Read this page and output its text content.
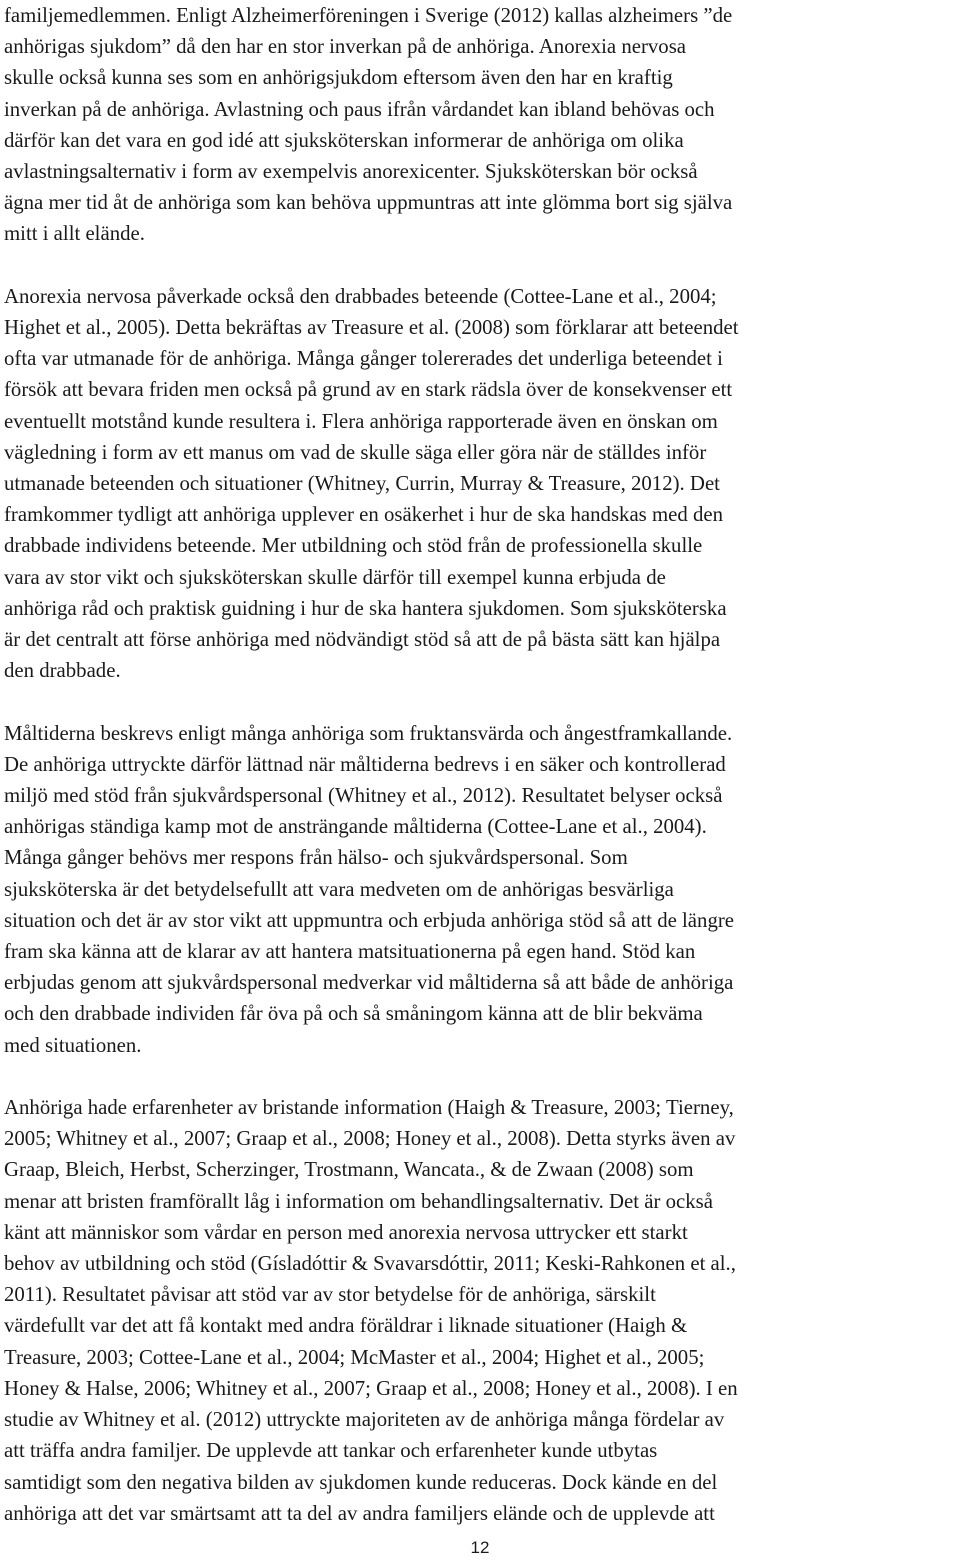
familjemedlemmen. Enligt Alzheimerföreningen i Sverige (2012) kallas alzheimers ”de
anhörigas sjukdom” då den har en stor inverkan på de anhöriga. Anorexia nervosa
skulle också kunna ses som en anhörigsjukdom eftersom även den har en kraftig
inverkan på de anhöriga. Avlastning och paus ifrån vårdandet kan ibland behövas och
därför kan det vara en god idé att sjuksköterskan informerar de anhöriga om olika
avlastningsalternativ i form av exempelvis anorexicenter. Sjuksköterskan bör också
ägna mer tid åt de anhöriga som kan behöva uppmuntras att inte glömma bort sig själva
mitt i allt elände.

Anorexia nervosa påverkade också den drabbades beteende (Cottee-Lane et al., 2004;
Highet et al., 2005). Detta bekräftas av Treasure et al. (2008) som förklarar att beteendet
ofta var utmanade för de anhöriga. Många gånger tolererades det underliga beteendet i
försök att bevara friden men också på grund av en stark rädsla över de konsekvenser ett
eventuellt motstånd kunde resultera i. Flera anhöriga rapporterade även en önskan om
vägledning i form av ett manus om vad de skulle säga eller göra när de ställdes inför
utmanade beteenden och situationer (Whitney, Currin, Murray & Treasure, 2012). Det
framkommer tydligt att anhöriga upplever en osäkerhet i hur de ska handskas med den
drabbade individens beteende. Mer utbildning och stöd från de professionella skulle
vara av stor vikt och sjuksköterskan skulle därför till exempel kunna erbjuda de
anhöriga råd och praktisk guidning i hur de ska hantera sjukdomen. Som sjuksköterska
är det centralt att förse anhöriga med nödvändigt stöd så att de på bästa sätt kan hjälpa
den drabbade.

Måltiderna beskrevs enligt många anhöriga som fruktansvärda och ångestframkallande.
De anhöriga uttryckte därför lättnad när måltiderna bedrevs i en säker och kontrollerad
miljö med stöd från sjukvårdspersonal (Whitney et al., 2012). Resultatet belyser också
anhörigas ständiga kamp mot de ansträngande måltiderna (Cottee-Lane et al., 2004).
Många gånger behövs mer respons från hälso- och sjukvårdspersonal. Som
sjuksköterska är det betydelsefullt att vara medveten om de anhörigas besvärliga
situation och det är av stor vikt att uppmuntra och erbjuda anhöriga stöd så att de längre
fram ska känna att de klarar av att hantera matsituationerna på egen hand. Stöd kan
erbjudas genom att sjukvårdspersonal medverkar vid måltiderna så att både de anhöriga
och den drabbade individen får öva på och så småningom känna att de blir bekväma
med situationen.

Anhöriga hade erfarenheter av bristande information (Haigh & Treasure, 2003; Tierney,
2005; Whitney et al., 2007; Graap et al., 2008; Honey et al., 2008). Detta styrks även av
Graap, Bleich, Herbst, Scherzinger, Trostmann, Wancata., & de Zwaan (2008) som
menar att bristen framförallt låg i information om behandlingsalternativ. Det är också
känt att människor som vårdar en person med anorexia nervosa uttrycker ett starkt
behov av utbildning och stöd (Gísladóttir & Svavarsdóttir, 2011; Keski-Rahkonen et al.,
2011). Resultatet påvisar att stöd var av stor betydelse för de anhöriga, särskilt
värdefullt var det att få kontakt med andra föräldrar i liknade situationer (Haigh &
Treasure, 2003; Cottee-Lane et al., 2004; McMaster et al., 2004; Highet et al., 2005;
Honey & Halse, 2006; Whitney et al., 2007; Graap et al., 2008; Honey et al., 2008). I en
studie av Whitney et al. (2012) uttryckte majoriteten av de anhöriga många fördelar av
att träffa andra familjer. De upplevde att tankar och erfarenheter kunde utbytas
samtidigt som den negativa bilden av sjukdomen kunde reduceras. Dock kände en del
anhöriga att det var smärtsamt att ta del av andra familjers elände och de upplevde att

12
